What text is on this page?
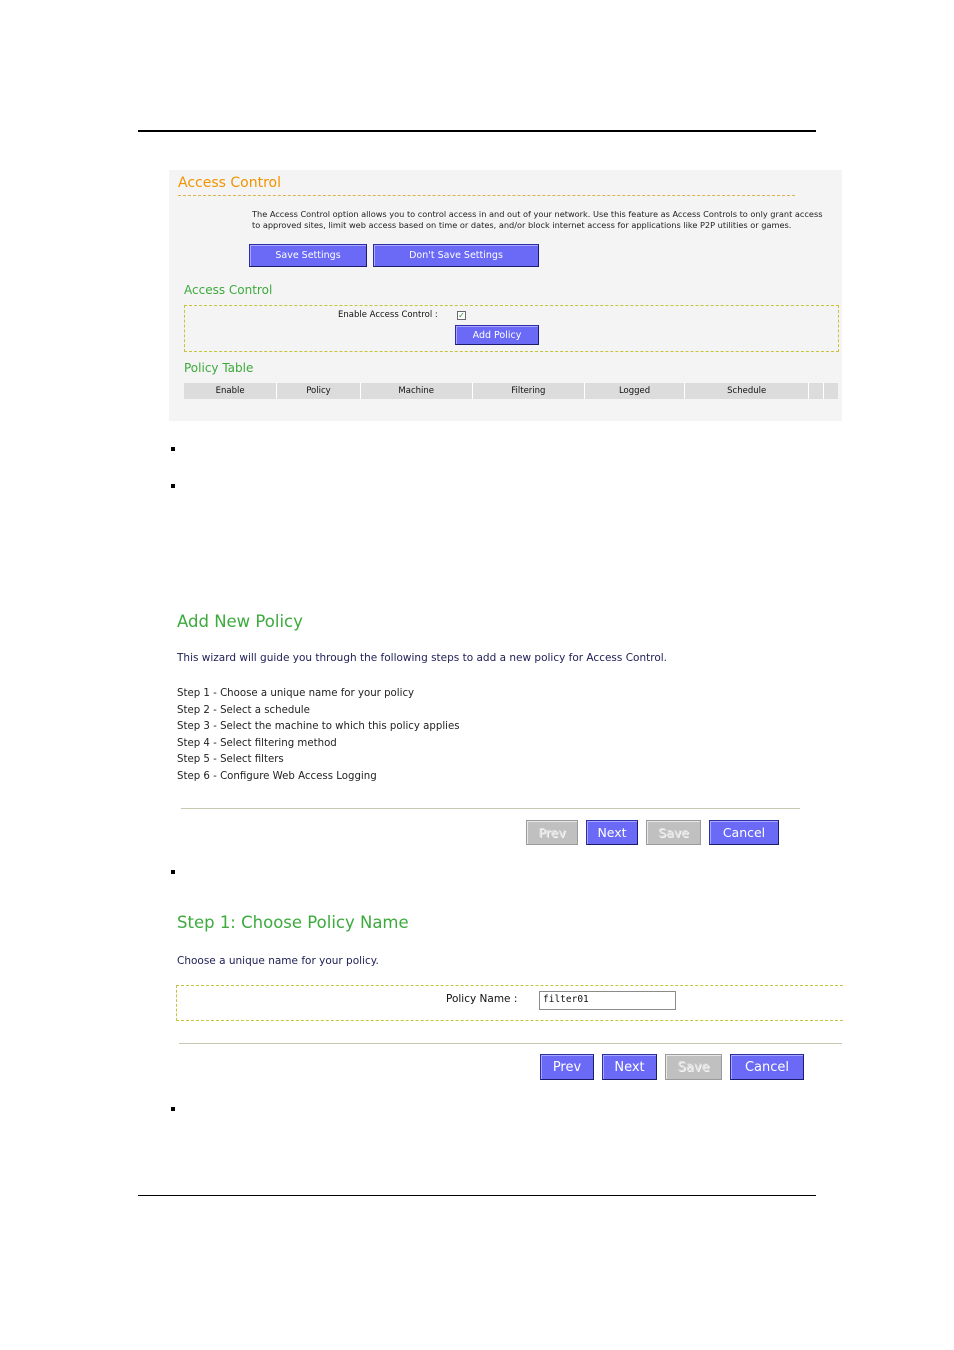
Access Control
The Access Control option allows you to control access in and out of your network. Use this feature as Access Controls to only grant access to approved sites, limit web access based on time or dates, and/or block internet access for applications like P2P utilities or games.
Save Settings	Don't Save Settings
Access Control
Enable Access Control :	✓
Add Policy
Policy Table
Enable	Policy	Machine	Filtering	Logged	Schedule
Add New Policy
This wizard will guide you through the following steps to add a new policy for Access Control.
Step 1 - Choose a unique name for your policy
Step 2 - Select a schedule
Step 3 - Select the machine to which this policy applies
Step 4 - Select filtering method
Step 5 - Select filters
Step 6 - Configure Web Access Logging
Prev	Next	Save	Cancel
Step 1: Choose Policy Name
Choose a unique name for your policy.
Policy Name :	filter01
Prev	Next	Save	Cancel
